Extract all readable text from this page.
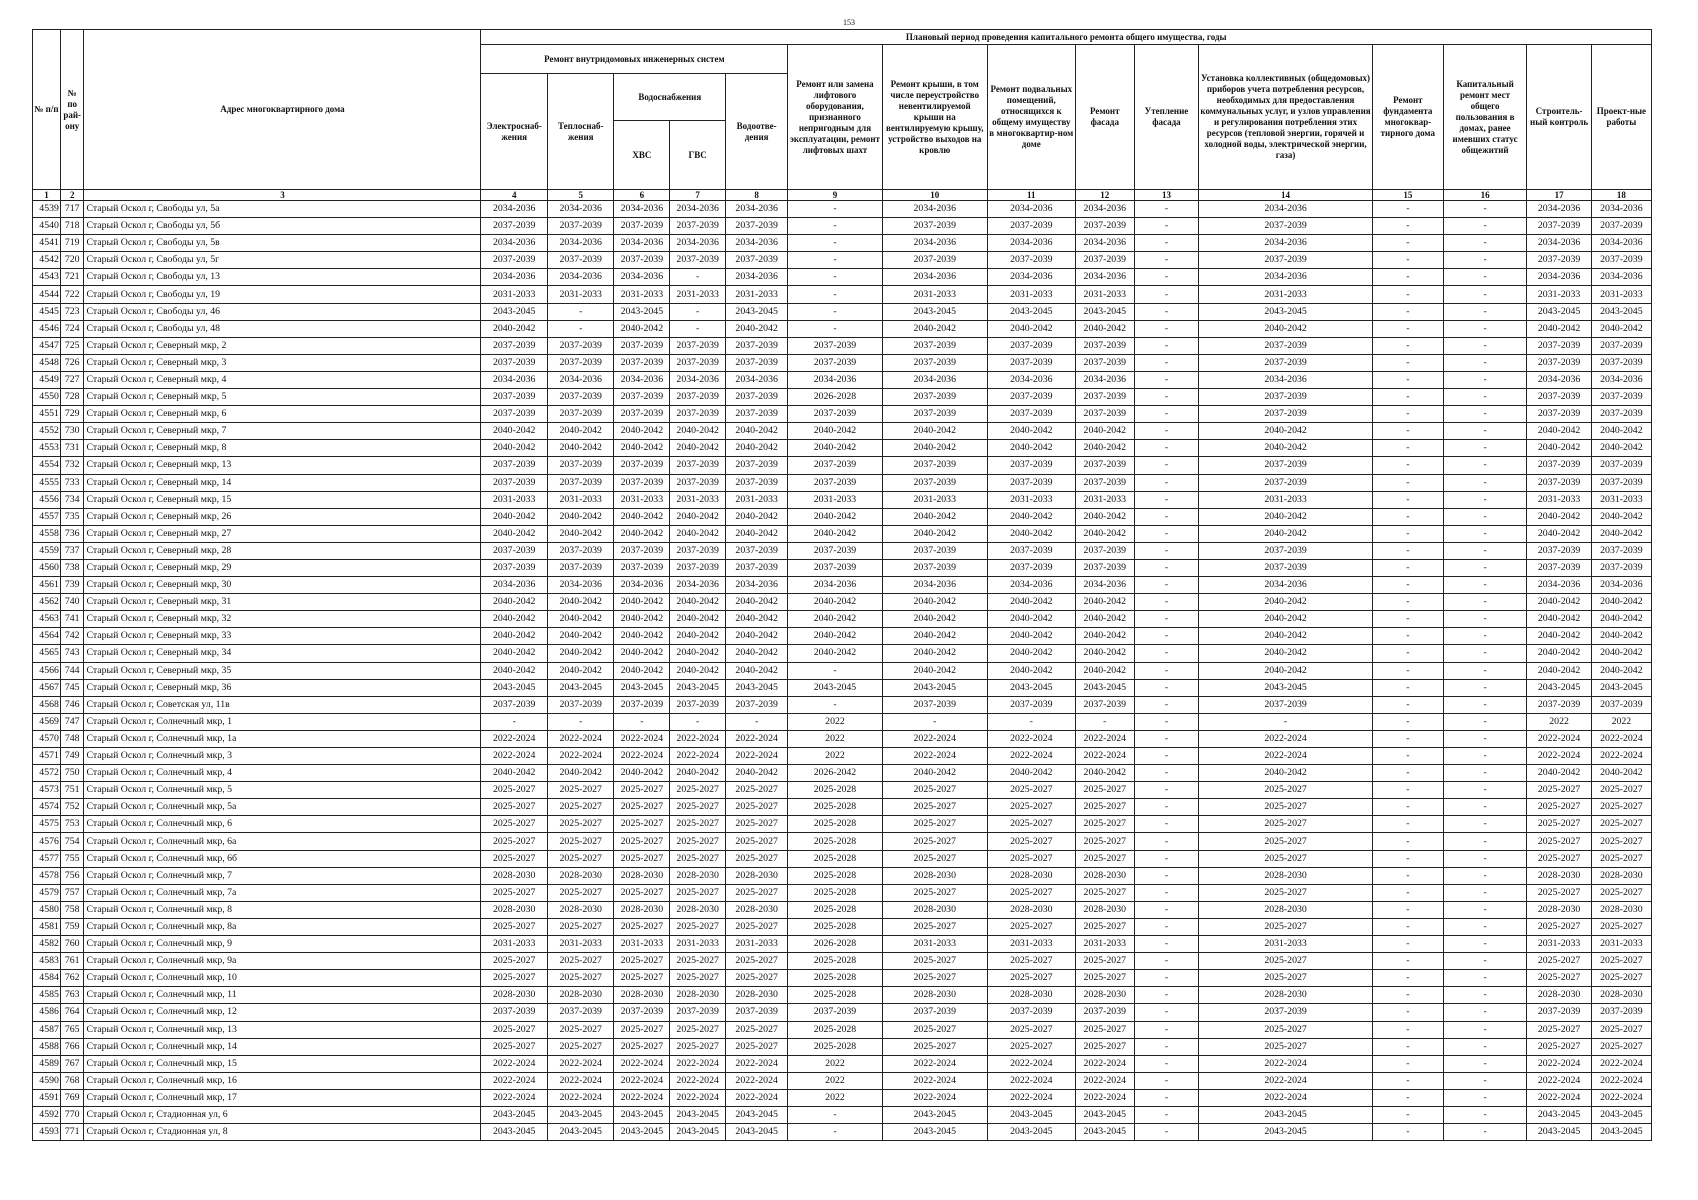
153
№ п/п	№ по рай-ону	Адрес многоквартирного дома	Плановый период проведения капитального ремонта общего имущества, годы														
			Ремонт внутридомовых инженерных систем					Ремонт или замена лифтового оборудования, признанного непригодным для эксплуатации, ремонт лифтовых шахт	Ремонт крыши, в том числе переустройство невентилируемой крыши на вентилируемую крышу, устройство выходов на кровлю	Ремонт подвальных помещений, относящихся к общему имуществу в многоквартир-ном доме	Ремонт фасада	Утепление фасада	Установка коллективных (общедомовых) приборов учета потребления ресурсов, необходимых для предоставления коммунальных услуг, и узлов управления и регулирования потребления этих ресурсов (тепловой энергии, горячей и холодной воды, электрической энергии, газа)	Ремонт фундамента многоквар-тирного дома	Капитальный ремонт мест общего пользования в домах, ранее имевших статус общежитий	Строитель-ный контроль	Проект-ные работы
			Электроснаб-жения	Теплоснаб-жения	Водоснабжения		Водоотве-дения										
					ХВС	ГВС											
1	2	3	4	5	6	7	8	9	10	11	12	13	14	15	16	17	18
4539	717	Старый Оскол г, Свободы ул, 5а	2034-2036	2034-2036	2034-2036	2034-2036	2034-2036	-	2034-2036	2034-2036	2034-2036	-	2034-2036	-	-	2034-2036	2034-2036
4540	718	Старый Оскол г, Свободы ул, 5б	2037-2039	2037-2039	2037-2039	2037-2039	2037-2039	-	2037-2039	2037-2039	2037-2039	-	2037-2039	-	-	2037-2039	2037-2039
4541	719	Старый Оскол г, Свободы ул, 5в	2034-2036	2034-2036	2034-2036	2034-2036	2034-2036	-	2034-2036	2034-2036	2034-2036	-	2034-2036	-	-	2034-2036	2034-2036
4542	720	Старый Оскол г, Свободы ул, 5г	2037-2039	2037-2039	2037-2039	2037-2039	2037-2039	-	2037-2039	2037-2039	2037-2039	-	2037-2039	-	-	2037-2039	2037-2039
4543	721	Старый Оскол г, Свободы ул, 13	2034-2036	2034-2036	2034-2036	-	2034-2036	-	2034-2036	2034-2036	2034-2036	-	2034-2036	-	-	2034-2036	2034-2036
4544	722	Старый Оскол г, Свободы ул, 19	2031-2033	2031-2033	2031-2033	2031-2033	2031-2033	-	2031-2033	2031-2033	2031-2033	-	2031-2033	-	-	2031-2033	2031-2033
4545	723	Старый Оскол г, Свободы ул, 46	2043-2045	-	2043-2045	-	2043-2045	-	2043-2045	2043-2045	2043-2045	-	2043-2045	-	-	2043-2045	2043-2045
4546	724	Старый Оскол г, Свободы ул, 48	2040-2042	-	2040-2042	-	2040-2042	-	2040-2042	2040-2042	2040-2042	-	2040-2042	-	-	2040-2042	2040-2042
4547	725	Старый Оскол г, Северный мкр, 2	2037-2039	2037-2039	2037-2039	2037-2039	2037-2039	2037-2039	2037-2039	2037-2039	2037-2039	-	2037-2039	-	-	2037-2039	2037-2039
4548	726	Старый Оскол г, Северный мкр, 3	2037-2039	2037-2039	2037-2039	2037-2039	2037-2039	2037-2039	2037-2039	2037-2039	2037-2039	-	2037-2039	-	-	2037-2039	2037-2039
4549	727	Старый Оскол г, Северный мкр, 4	2034-2036	2034-2036	2034-2036	2034-2036	2034-2036	2034-2036	2034-2036	2034-2036	2034-2036	-	2034-2036	-	-	2034-2036	2034-2036
4550	728	Старый Оскол г, Северный мкр, 5	2037-2039	2037-2039	2037-2039	2037-2039	2037-2039	2026-2028	2037-2039	2037-2039	2037-2039	-	2037-2039	-	-	2037-2039	2037-2039
4551	729	Старый Оскол г, Северный мкр, 6	2037-2039	2037-2039	2037-2039	2037-2039	2037-2039	2037-2039	2037-2039	2037-2039	2037-2039	-	2037-2039	-	-	2037-2039	2037-2039
4552	730	Старый Оскол г, Северный мкр, 7	2040-2042	2040-2042	2040-2042	2040-2042	2040-2042	2040-2042	2040-2042	2040-2042	2040-2042	-	2040-2042	-	-	2040-2042	2040-2042
4553	731	Старый Оскол г, Северный мкр, 8	2040-2042	2040-2042	2040-2042	2040-2042	2040-2042	2040-2042	2040-2042	2040-2042	2040-2042	-	2040-2042	-	-	2040-2042	2040-2042
4554	732	Старый Оскол г, Северный мкр, 13	2037-2039	2037-2039	2037-2039	2037-2039	2037-2039	2037-2039	2037-2039	2037-2039	2037-2039	-	2037-2039	-	-	2037-2039	2037-2039
4555	733	Старый Оскол г, Северный мкр, 14	2037-2039	2037-2039	2037-2039	2037-2039	2037-2039	2037-2039	2037-2039	2037-2039	2037-2039	-	2037-2039	-	-	2037-2039	2037-2039
4556	734	Старый Оскол г, Северный мкр, 15	2031-2033	2031-2033	2031-2033	2031-2033	2031-2033	2031-2033	2031-2033	2031-2033	2031-2033	-	2031-2033	-	-	2031-2033	2031-2033
4557	735	Старый Оскол г, Северный мкр, 26	2040-2042	2040-2042	2040-2042	2040-2042	2040-2042	2040-2042	2040-2042	2040-2042	2040-2042	-	2040-2042	-	-	2040-2042	2040-2042
4558	736	Старый Оскол г, Северный мкр, 27	2040-2042	2040-2042	2040-2042	2040-2042	2040-2042	2040-2042	2040-2042	2040-2042	2040-2042	-	2040-2042	-	-	2040-2042	2040-2042
4559	737	Старый Оскол г, Северный мкр, 28	2037-2039	2037-2039	2037-2039	2037-2039	2037-2039	2037-2039	2037-2039	2037-2039	2037-2039	-	2037-2039	-	-	2037-2039	2037-2039
4560	738	Старый Оскол г, Северный мкр, 29	2037-2039	2037-2039	2037-2039	2037-2039	2037-2039	2037-2039	2037-2039	2037-2039	2037-2039	-	2037-2039	-	-	2037-2039	2037-2039
4561	739	Старый Оскол г, Северный мкр, 30	2034-2036	2034-2036	2034-2036	2034-2036	2034-2036	2034-2036	2034-2036	2034-2036	2034-2036	-	2034-2036	-	-	2034-2036	2034-2036
4562	740	Старый Оскол г, Северный мкр, 31	2040-2042	2040-2042	2040-2042	2040-2042	2040-2042	2040-2042	2040-2042	2040-2042	2040-2042	-	2040-2042	-	-	2040-2042	2040-2042
4563	741	Старый Оскол г, Северный мкр, 32	2040-2042	2040-2042	2040-2042	2040-2042	2040-2042	2040-2042	2040-2042	2040-2042	2040-2042	-	2040-2042	-	-	2040-2042	2040-2042
4564	742	Старый Оскол г, Северный мкр, 33	2040-2042	2040-2042	2040-2042	2040-2042	2040-2042	2040-2042	2040-2042	2040-2042	2040-2042	-	2040-2042	-	-	2040-2042	2040-2042
4565	743	Старый Оскол г, Северный мкр, 34	2040-2042	2040-2042	2040-2042	2040-2042	2040-2042	2040-2042	2040-2042	2040-2042	2040-2042	-	2040-2042	-	-	2040-2042	2040-2042
4566	744	Старый Оскол г, Северный мкр, 35	2040-2042	2040-2042	2040-2042	2040-2042	2040-2042	-	2040-2042	2040-2042	2040-2042	-	2040-2042	-	-	2040-2042	2040-2042
4567	745	Старый Оскол г, Северный мкр, 36	2043-2045	2043-2045	2043-2045	2043-2045	2043-2045	2043-2045	2043-2045	2043-2045	2043-2045	-	2043-2045	-	-	2043-2045	2043-2045
4568	746	Старый Оскол г, Советская ул, 11в	2037-2039	2037-2039	2037-2039	2037-2039	2037-2039	-	2037-2039	2037-2039	2037-2039	-	2037-2039	-	-	2037-2039	2037-2039
4569	747	Старый Оскол г, Солнечный мкр, 1	-	-	-	-	-	2022	-	-	-	-	-	-	-	2022	2022
4570	748	Старый Оскол г, Солнечный мкр, 1а	2022-2024	2022-2024	2022-2024	2022-2024	2022-2024	2022	2022-2024	2022-2024	2022-2024	-	2022-2024	-	-	2022-2024	2022-2024
4571	749	Старый Оскол г, Солнечный мкр, 3	2022-2024	2022-2024	2022-2024	2022-2024	2022-2024	2022	2022-2024	2022-2024	2022-2024	-	2022-2024	-	-	2022-2024	2022-2024
4572	750	Старый Оскол г, Солнечный мкр, 4	2040-2042	2040-2042	2040-2042	2040-2042	2040-2042	2026-2042	2040-2042	2040-2042	2040-2042	-	2040-2042	-	-	2040-2042	2040-2042
4573	751	Старый Оскол г, Солнечный мкр, 5	2025-2027	2025-2027	2025-2027	2025-2027	2025-2027	2025-2028	2025-2027	2025-2027	2025-2027	-	2025-2027	-	-	2025-2027	2025-2027
4574	752	Старый Оскол г, Солнечный мкр, 5а	2025-2027	2025-2027	2025-2027	2025-2027	2025-2027	2025-2028	2025-2027	2025-2027	2025-2027	-	2025-2027	-	-	2025-2027	2025-2027
4575	753	Старый Оскол г, Солнечный мкр, 6	2025-2027	2025-2027	2025-2027	2025-2027	2025-2027	2025-2028	2025-2027	2025-2027	2025-2027	-	2025-2027	-	-	2025-2027	2025-2027
4576	754	Старый Оскол г, Солнечный мкр, 6а	2025-2027	2025-2027	2025-2027	2025-2027	2025-2027	2025-2028	2025-2027	2025-2027	2025-2027	-	2025-2027	-	-	2025-2027	2025-2027
4577	755	Старый Оскол г, Солнечный мкр, 6б	2025-2027	2025-2027	2025-2027	2025-2027	2025-2027	2025-2028	2025-2027	2025-2027	2025-2027	-	2025-2027	-	-	2025-2027	2025-2027
4578	756	Старый Оскол г, Солнечный мкр, 7	2028-2030	2028-2030	2028-2030	2028-2030	2028-2030	2025-2028	2028-2030	2028-2030	2028-2030	-	2028-2030	-	-	2028-2030	2028-2030
4579	757	Старый Оскол г, Солнечный мкр, 7а	2025-2027	2025-2027	2025-2027	2025-2027	2025-2027	2025-2028	2025-2027	2025-2027	2025-2027	-	2025-2027	-	-	2025-2027	2025-2027
4580	758	Старый Оскол г, Солнечный мкр, 8	2028-2030	2028-2030	2028-2030	2028-2030	2028-2030	2025-2028	2028-2030	2028-2030	2028-2030	-	2028-2030	-	-	2028-2030	2028-2030
4581	759	Старый Оскол г, Солнечный мкр, 8а	2025-2027	2025-2027	2025-2027	2025-2027	2025-2027	2025-2028	2025-2027	2025-2027	2025-2027	-	2025-2027	-	-	2025-2027	2025-2027
4582	760	Старый Оскол г, Солнечный мкр, 9	2031-2033	2031-2033	2031-2033	2031-2033	2031-2033	2026-2028	2031-2033	2031-2033	2031-2033	-	2031-2033	-	-	2031-2033	2031-2033
4583	761	Старый Оскол г, Солнечный мкр, 9а	2025-2027	2025-2027	2025-2027	2025-2027	2025-2027	2025-2028	2025-2027	2025-2027	2025-2027	-	2025-2027	-	-	2025-2027	2025-2027
4584	762	Старый Оскол г, Солнечный мкр, 10	2025-2027	2025-2027	2025-2027	2025-2027	2025-2027	2025-2028	2025-2027	2025-2027	2025-2027	-	2025-2027	-	-	2025-2027	2025-2027
4585	763	Старый Оскол г, Солнечный мкр, 11	2028-2030	2028-2030	2028-2030	2028-2030	2028-2030	2025-2028	2028-2030	2028-2030	2028-2030	-	2028-2030	-	-	2028-2030	2028-2030
4586	764	Старый Оскол г, Солнечный мкр, 12	2037-2039	2037-2039	2037-2039	2037-2039	2037-2039	2037-2039	2037-2039	2037-2039	2037-2039	-	2037-2039	-	-	2037-2039	2037-2039
4587	765	Старый Оскол г, Солнечный мкр, 13	2025-2027	2025-2027	2025-2027	2025-2027	2025-2027	2025-2028	2025-2027	2025-2027	2025-2027	-	2025-2027	-	-	2025-2027	2025-2027
4588	766	Старый Оскол г, Солнечный мкр, 14	2025-2027	2025-2027	2025-2027	2025-2027	2025-2027	2025-2028	2025-2027	2025-2027	2025-2027	-	2025-2027	-	-	2025-2027	2025-2027
4589	767	Старый Оскол г, Солнечный мкр, 15	2022-2024	2022-2024	2022-2024	2022-2024	2022-2024	2022	2022-2024	2022-2024	2022-2024	-	2022-2024	-	-	2022-2024	2022-2024
4590	768	Старый Оскол г, Солнечный мкр, 16	2022-2024	2022-2024	2022-2024	2022-2024	2022-2024	2022	2022-2024	2022-2024	2022-2024	-	2022-2024	-	-	2022-2024	2022-2024
4591	769	Старый Оскол г, Солнечный мкр, 17	2022-2024	2022-2024	2022-2024	2022-2024	2022-2024	2022	2022-2024	2022-2024	2022-2024	-	2022-2024	-	-	2022-2024	2022-2024
4592	770	Старый Оскол г, Стадионная ул, 6	2043-2045	2043-2045	2043-2045	2043-2045	2043-2045	-	2043-2045	2043-2045	2043-2045	-	2043-2045	-	-	2043-2045	2043-2045
4593	771	Старый Оскол г, Стадионная ул, 8	2043-2045	2043-2045	2043-2045	2043-2045	2043-2045	-	2043-2045	2043-2045	2043-2045	-	2043-2045	-	-	2043-2045	2043-2045
